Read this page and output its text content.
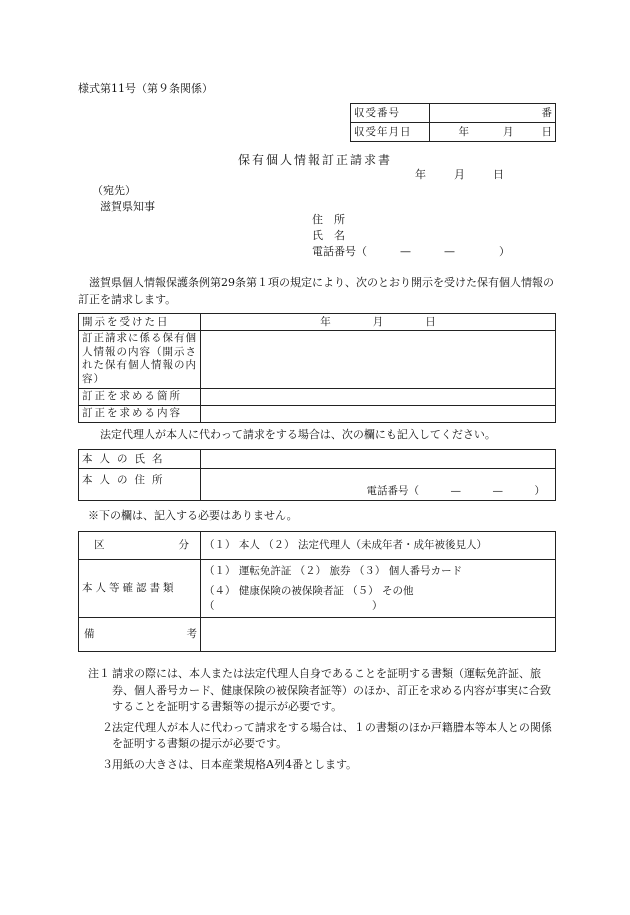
様式第11号（第９条関係）
収受番号	番
収受年月日	年 月 日
保有個人情報訂正請求書
年	月	日
（宛先）
滋賀県知事
住　所
氏　名
電話番号（　　　—　　　—　　　　）
滋賀県個人情報保護条例第29条第１項の規定により、次のとおり開示を受けた保有個人情報の訂正を請求します。
開示を受けた日	年　　　　月　　　　日
訂正請求に係る保有個人情報の内容（開示された保有個人情報の内容）	
訂正を求める箇所	
訂正を求める内容	
法定代理人が本人に代わって請求をする場合は、次の欄にも記入してください。
本人の氏名	
本人の住所	電話番号（　　　—　　　—　　　）
※下の欄は、記入する必要はありません。
区 分	（１） 本人 （２） 法定代理人（未成年者・成年被後見人）
本人等確認書類	（１） 運転免許証 （２） 旅券 （３） 個人番号カード
（４） 健康保険の被保険者証 （５） その他（　　　　　　　　　　　　　　　）

備 考	

注１ 請求の際には、本人または法定代理人自身であることを証明する書類（運転免許証、旅券、個人番号カード、健康保険の被保険者証等）のほか、訂正を求める内容が事実に合致することを証明する書類等の提示が必要です。
２ 法定代理人が本人に代わって請求をする場合は、１の書類のほか戸籍謄本等本人との関係を証明する書類の提示が必要です。
３ 用紙の大きさは、日本産業規格A列4番とします。
